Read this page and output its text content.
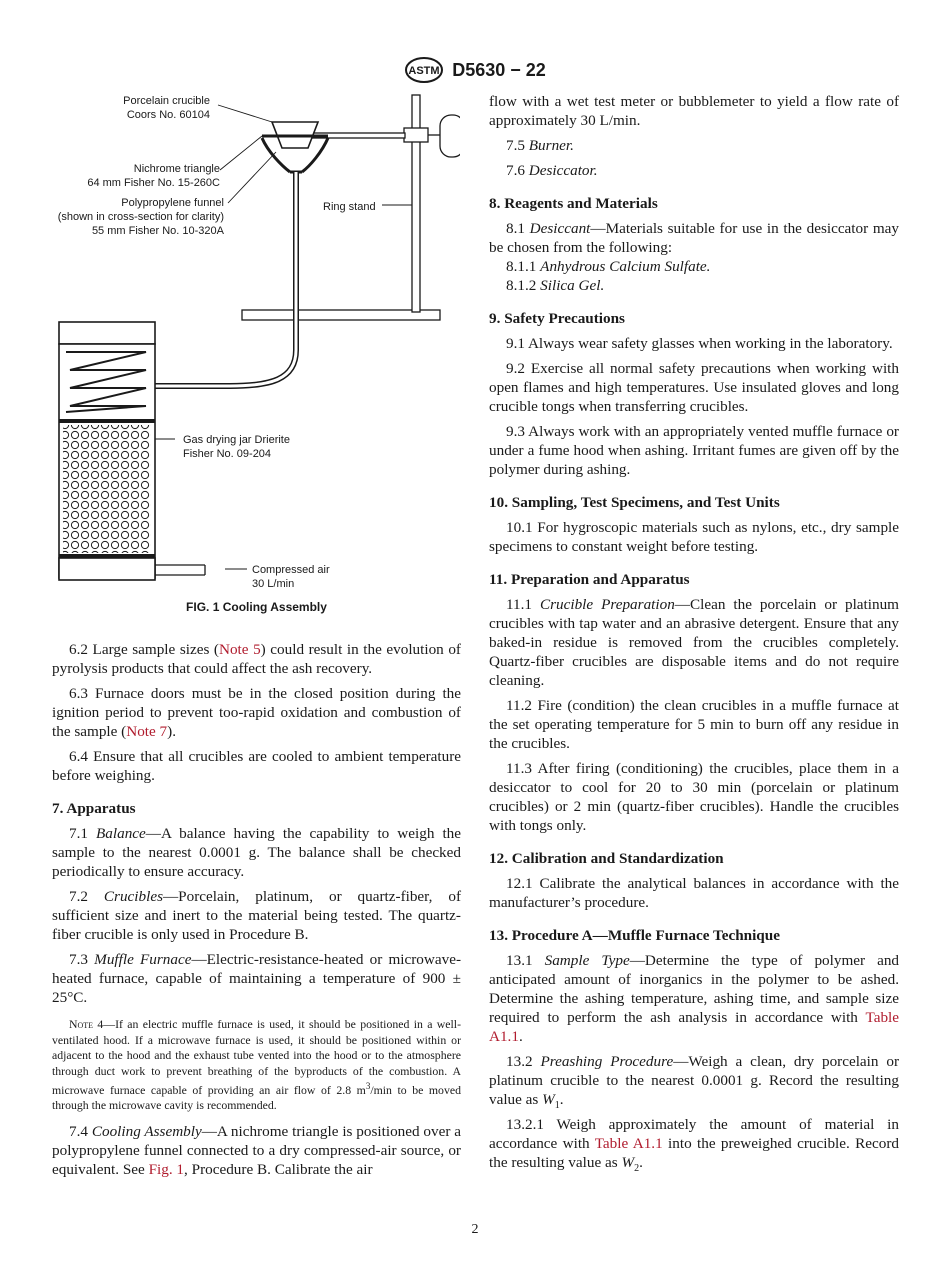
ASTM D5630 − 22
Porcelain crucible
Coors No. 60104
Nichrome triangle
64 mm Fisher No. 15-260C
Polypropylene funnel
(shown in cross-section for clarity)
55 mm Fisher No. 10-320A
Ring stand
Gas drying jar Drierite
Fisher No. 09-204
Compressed air
30 L/min
FIG. 1 Cooling Assembly

6.2 Large sample sizes (Note 5) could result in the evolution of pyrolysis products that could affect the ash recovery.

6.3 Furnace doors must be in the closed position during the ignition period to prevent too-rapid oxidation and combustion of the sample (Note 7).

6.4 Ensure that all crucibles are cooled to ambient temperature before weighing.

7. Apparatus

7.1 Balance—A balance having the capability to weigh the sample to the nearest 0.0001 g. The balance shall be checked periodically to ensure accuracy.

7.2 Crucibles—Porcelain, platinum, or quartz-fiber, of sufficient size and inert to the material being tested. The quartz-fiber crucible is only used in Procedure B.

7.3 Muffle Furnace—Electric-resistance-heated or microwave-heated furnace, capable of maintaining a temperature of 900 ± 25°C.

Note 4—If an electric muffle furnace is used, it should be positioned in a well-ventilated hood. If a microwave furnace is used, it should be positioned within or adjacent to the hood and the exhaust tube vented into the hood or to the atmosphere through duct work to prevent breathing of the byproducts of the combustion. A microwave furnace capable of providing an air flow of 2.8 $m^3/\min$ to be moved through the microwave cavity is recommended.

7.4 Cooling Assembly—A nichrome triangle is positioned over a polypropylene funnel connected to a dry compressed-air source, or equivalent. See Fig. 1, Procedure B. Calibrate the air

flow with a wet test meter or bubblemeter to yield a flow rate of approximately 30 L/min.

7.5 Burner.

7.6 Desiccator.

8. Reagents and Materials

8.1 Desiccant—Materials suitable for use in the desiccator may be chosen from the following:

8.1.1 Anhydrous Calcium Sulfate.

8.1.2 Silica Gel.

9. Safety Precautions

9.1 Always wear safety glasses when working in the laboratory.

9.2 Exercise all normal safety precautions when working with open flames and high temperatures. Use insulated gloves and long crucible tongs when transferring crucibles.

9.3 Always work with an appropriately vented muffle furnace or under a fume hood when ashing. Irritant fumes are given off by the polymer during ashing.

10. Sampling, Test Specimens, and Test Units

10.1 For hygroscopic materials such as nylons, etc., dry sample specimens to constant weight before testing.

11. Preparation and Apparatus

11.1 Crucible Preparation—Clean the porcelain or platinum crucibles with tap water and an abrasive detergent. Ensure that any baked-in residue is removed from the crucibles completely. Quartz-fiber crucibles are disposable items and do not require cleaning.

11.2 Fire (condition) the clean crucibles in a muffle furnace at the set operating temperature for 5 min to burn off any residue in the crucibles.

11.3 After firing (conditioning) the crucibles, place them in a desiccator to cool for 20 to 30 min (porcelain or platinum crucibles) or 2 min (quartz-fiber crucibles). Handle the crucibles with tongs only.

12. Calibration and Standardization

12.1 Calibrate the analytical balances in accordance with the manufacturer’s procedure.

13. Procedure A—Muffle Furnace Technique

13.1 Sample Type—Determine the type of polymer and anticipated amount of inorganics in the polymer to be ashed. Determine the ashing temperature, ashing time, and sample size required to perform the ash analysis in accordance with Table A1.1.

13.2 Preashing Procedure—Weigh a clean, dry porcelain or platinum crucible to the nearest 0.0001 g. Record the resulting value as $W_1$.

13.2.1 Weigh approximately the amount of material in accordance with Table A1.1 into the preweighed crucible. Record the resulting value as $W_2$.

2
